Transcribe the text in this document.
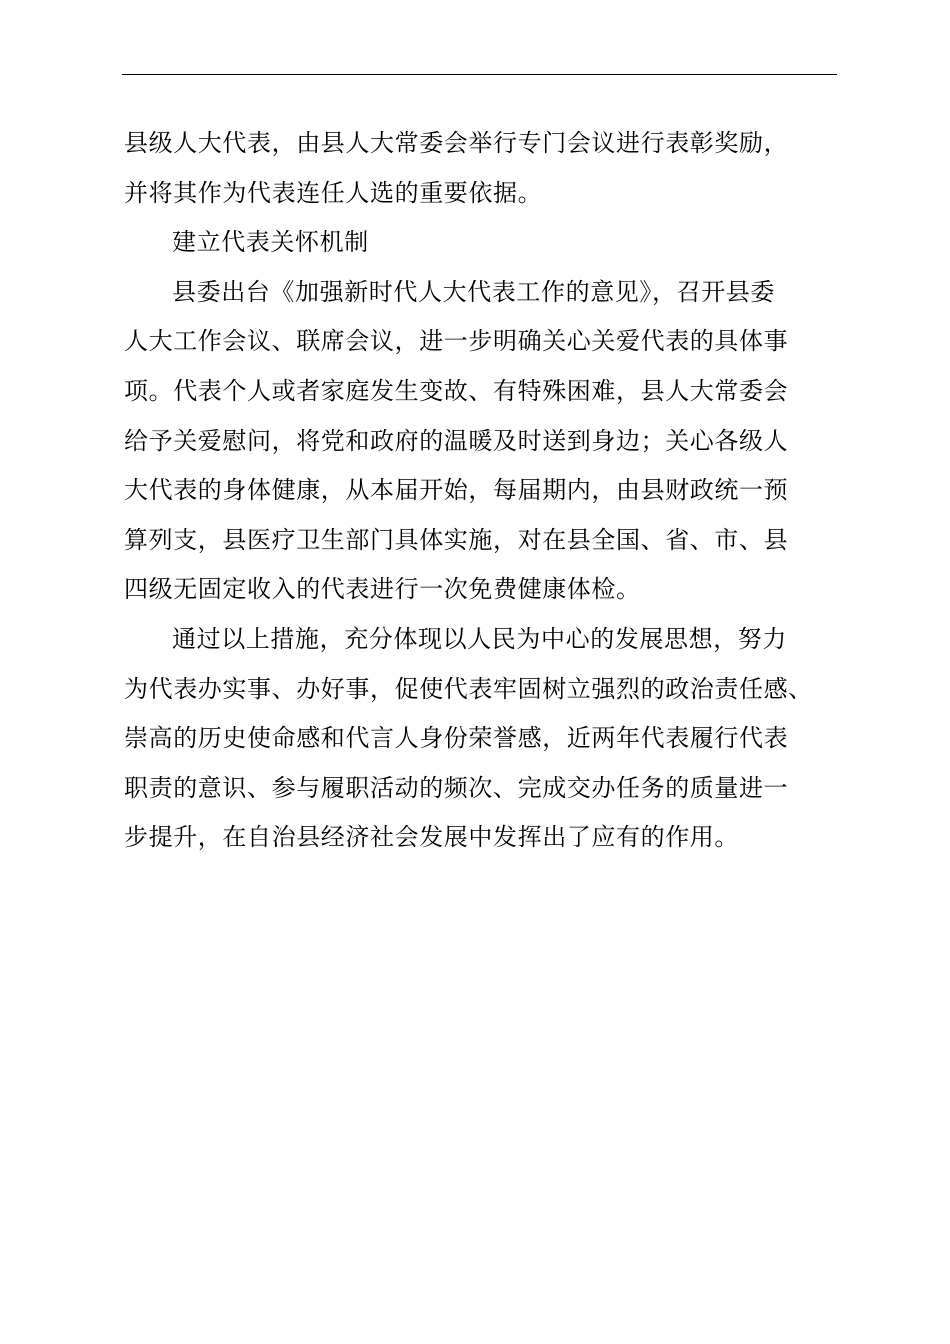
县级人大代表，由县人大常委会举行专门会议进行表彰奖励，
并将其作为代表连任人选的重要依据。
建立代表关怀机制
县委出台《加强新时代人大代表工作的意见》，召开县委
人大工作会议、联席会议，进一步明确关心关爱代表的具体事
项。代表个人或者家庭发生变故、有特殊困难，县人大常委会
给予关爱慰问，将党和政府的温暖及时送到身边；关心各级人
大代表的身体健康，从本届开始，每届期内，由县财政统一预
算列支，县医疗卫生部门具体实施，对在县全国、省、市、县
四级无固定收入的代表进行一次免费健康体检。
通过以上措施，充分体现以人民为中心的发展思想，努力
为代表办实事、办好事，促使代表牢固树立强烈的政治责任感、
崇高的历史使命感和代言人身份荣誉感，近两年代表履行代表
职责的意识、参与履职活动的频次、完成交办任务的质量进一
步提升，在自治县经济社会发展中发挥出了应有的作用。
